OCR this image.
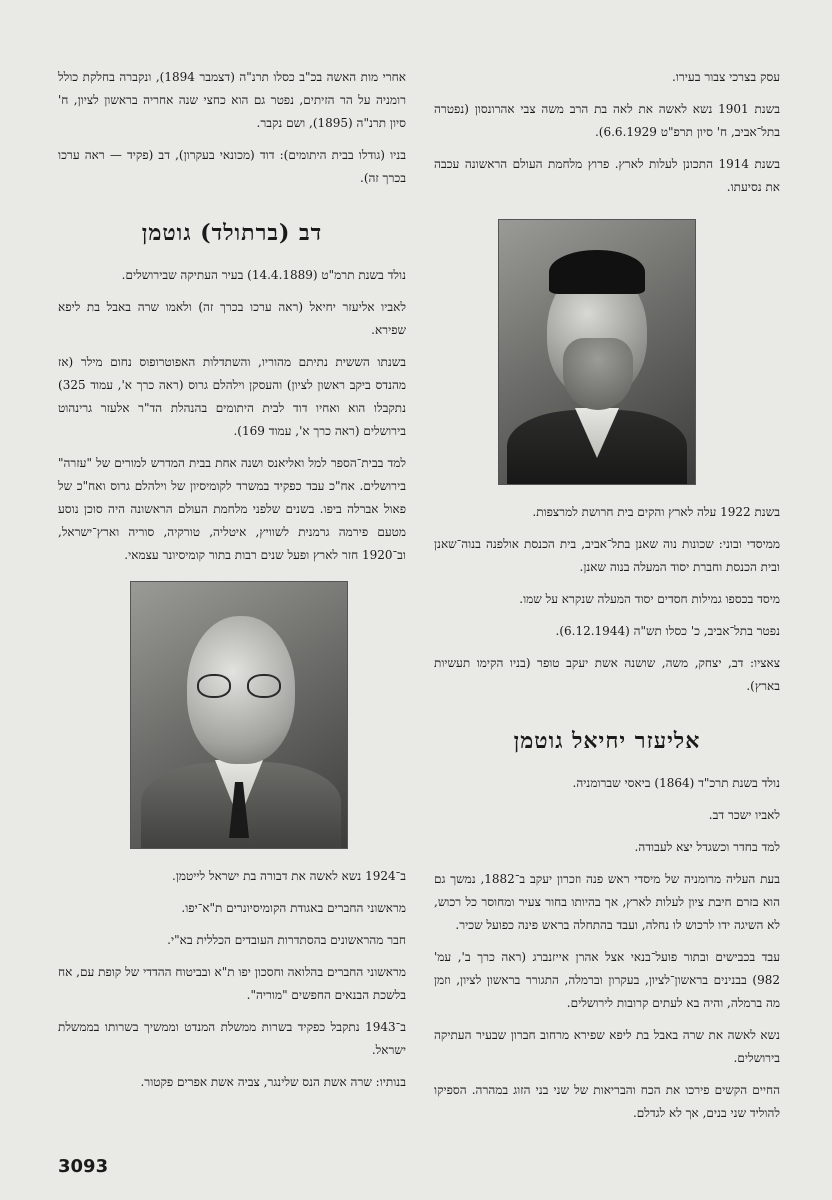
עסק בצרכי צבור בעירו.

בשנת 1901 נשא לאשה את לאה בת הרב משה צבי אהרונסון (נפטרה בתל־אביב, ח' סיון תרפ"ט 6.6.1929).

בשנת 1914 התכונן לעלות לארץ. פרוץ מלחמת העולם הראשונה עכבה את נסיעתו.

בשנת 1922 עלה לארץ והקים בית חרושת למרצפות.

ממיסדי ובוני: שכונות נוה שאנן בתל־אביב, בית הכנסת אולפנה בנוה־שאנן ובית הכנסת וחברת יסוד המעלה בנוה שאנן.

מיסד בכספו גמילות חסדים יסוד המעלה שנקרא על שמו.

נפטר בתל־אביב, כ' כסלו תש"ה (6.12.1944).

צאציו: דב, יצחק, משה, שושנה אשת יעקב טופר (בניו הקימו תעשיות בארץ).

אליעזר יחיאל גוטמן

נולד בשנת תרכ"ד (1864) ביאסי שברומניה.

לאביו ישכר דב.

למד בחדר וכשגדל יצא לעבודה.

בעת העליה מרומניה של מיסדי ראש פנה וזכרון יעקב ב־1882, נמשך גם הוא בזרם חיבת ציון לעלות לארץ, אך בהיותו בחור צעיר ומחוסר כל רכוש, לא השיגה ידו לרכוש לו נחלה, ועבד בהתחלה בראש פינה כפועל שכיר.

עבד בכבישים ובתור פועל־בנאי אצל אהרן אייזנברג (ראה כרך ב', עמ' 982) בבנינים בראשון־לציון, בעקרון וברמלה, התגורר בראשון לציון, וזמן מה ברמלה, והיה בא לעתים קרובות לירושלים.

נשא לאשה את שרה באבל בת ליפא שפירא מרחוב חברון שבעיר העתיקה בירושלים.

החיים הקשים פירכו את הכח והבריאות של שני בני הזוג במהרה. הספיקו להוליד שני בנים, אך לא לגדלם.

אחרי מות האשה בכ"ב כסלו תרנ"ה (דצמבר 1894), ונקברה בחלקת כולל רומניה על הר הזיתים, נפטר גם הוא כחצי שנה אחריה בראשון לציון, ח' סיון תרנ"ה (1895), ושם נקבר.

בניו (גודלו בבית היתומים): דוד (מכונאי בעקרון), דב (פקיד — ראה ערכו בכרך זה).

דב (ברתולד) גוטמן

נולד בשנת תרמ"ט (14.4.1889) בעיר העתיקה שבירושלים.

לאביו אליעזר יחיאל (ראה ערכו בכרך זה) ולאמו שרה באבל בת ליפא שפירא.

בשנתו הששית נתיתם מהוריו, והשתדלות האפוטרופוס נחום מילר (אז מהנדס ביקב ראשון לציון) והעסקן וילהלם גרוס (ראה כרך א', עמוד 325) נתקבלו הוא ואחיו דוד לבית היתומים בהנהלת הד"ר אלעזר גרינהוט בירושלים (ראה כרך א', עמוד 169).

למד בבית־הספר למל ואליאנס ושנה אחת בבית המדרש למורים של "עזרה" בירושלים. אח"כ עבד כפקיד במשרד לקומיסיון של וילהלם גרוס ואח"כ של פאול אברלה ביפו. בשנים שלפני מלחמת העולם הראשונה היה סוכן נוסע מטעם פירמה גרמנית לשוויץ, איטליה, טורקיה, סוריה וארץ־ישראל, וב־1920 חזר לארץ ופעל שנים רבות בתור קומיסיונר עצמאי.

ב־1924 נשא לאשה את דבורה בת ישראל לייטמן.

מראשוני החברים באגודת הקומיסיונרים ת"א־יפו.

חבר מהראשונים בהסתדרות העובדים הכללית בא"י.

מראשוני החברים בהלואה וחסכון יפו ת"א ובביטוח ההדדי של קופת עם, אח בלשכת הבנאים החפשים "מוריה".

ב־1943 נתקבל כפקיד בשרות ממשלת המנדט וממשיך בשרותו בממשלת ישראל.

בנותיו: שרה אשת הנס שלינגר, צביה אשת אפרים פקטור.

3093
